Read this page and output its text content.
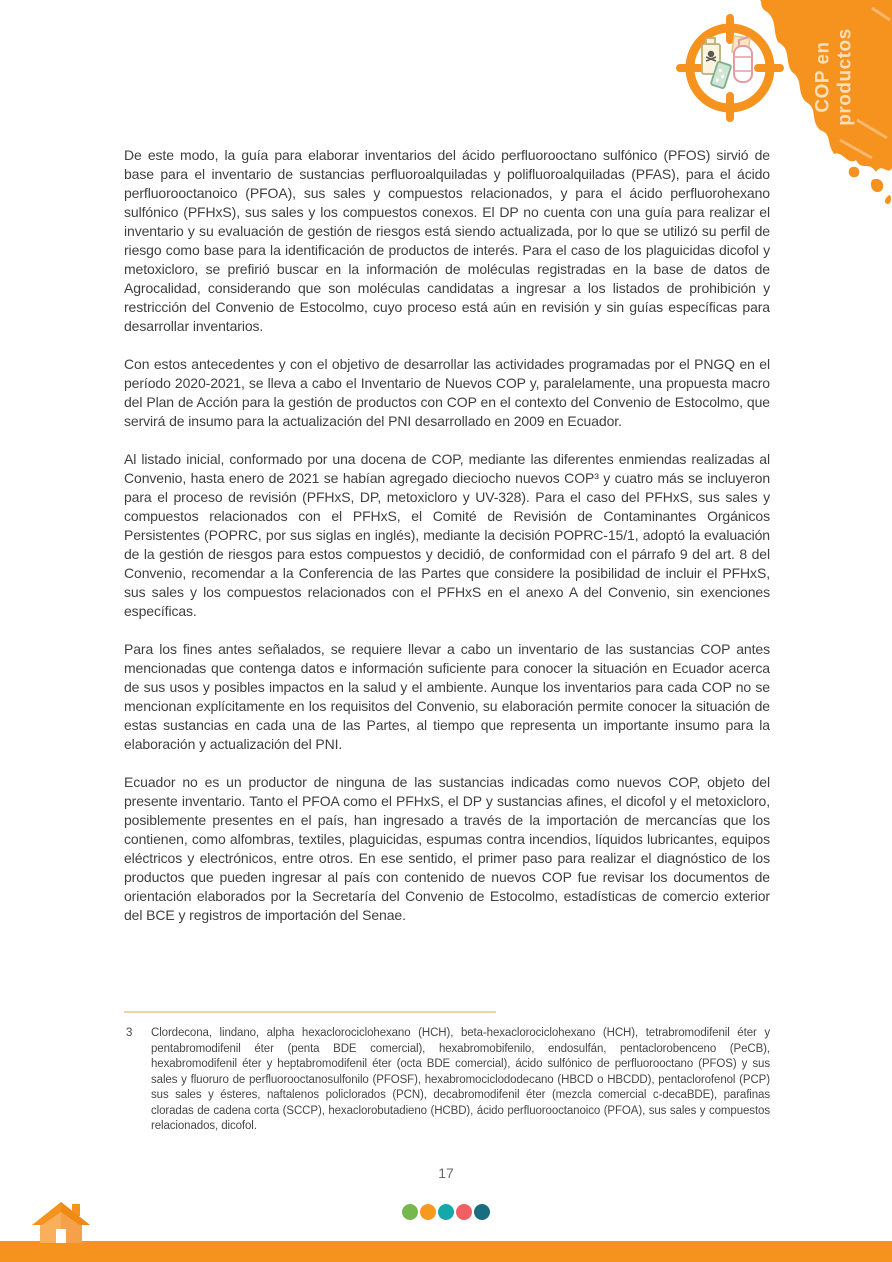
COP en productos

De este modo, la guía para elaborar inventarios del ácido perfluorooctano sulfónico (PFOS) sirvió de base para el inventario de sustancias perfluoroalquiladas y polifluoroalquiladas (PFAS), para el ácido perfluorooctanoico (PFOA), sus sales y compuestos relacionados, y para el ácido perfluorohexano sulfónico (PFHxS), sus sales y los compuestos conexos. El DP no cuenta con una guía para realizar el inventario y su evaluación de gestión de riesgos está siendo actualizada, por lo que se utilizó su perfil de riesgo como base para la identificación de productos de interés. Para el caso de los plaguicidas dicofol y metoxicloro, se prefirió buscar en la información de moléculas registradas en la base de datos de Agrocalidad, considerando que son moléculas candidatas a ingresar a los listados de prohibición y restricción del Convenio de Estocolmo, cuyo proceso está aún en revisión y sin guías específicas para desarrollar inventarios.

Con estos antecedentes y con el objetivo de desarrollar las actividades programadas por el PNGQ en el período 2020-2021, se lleva a cabo el Inventario de Nuevos COP y, paralelamente, una propuesta macro del Plan de Acción para la gestión de productos con COP en el contexto del Convenio de Estocolmo, que servirá de insumo para la actualización del PNI desarrollado en 2009 en Ecuador.

Al listado inicial, conformado por una docena de COP, mediante las diferentes enmiendas realizadas al Convenio, hasta enero de 2021 se habían agregado dieciocho nuevos COP³ y cuatro más se incluyeron para el proceso de revisión (PFHxS, DP, metoxicloro y UV-328). Para el caso del PFHxS, sus sales y compuestos relacionados con el PFHxS, el Comité de Revisión de Contaminantes Orgánicos Persistentes (POPRC, por sus siglas en inglés), mediante la decisión POPRC-15/1, adoptó la evaluación de la gestión de riesgos para estos compuestos y decidió, de conformidad con el párrafo 9 del art. 8 del Convenio, recomendar a la Conferencia de las Partes que considere la posibilidad de incluir el PFHxS, sus sales y los compuestos relacionados con el PFHxS en el anexo A del Convenio, sin exenciones específicas.

Para los fines antes señalados, se requiere llevar a cabo un inventario de las sustancias COP antes mencionadas que contenga datos e información suficiente para conocer la situación en Ecuador acerca de sus usos y posibles impactos en la salud y el ambiente. Aunque los inventarios para cada COP no se mencionan explícitamente en los requisitos del Convenio, su elaboración permite conocer la situación de estas sustancias en cada una de las Partes, al tiempo que representa un importante insumo para la elaboración y actualización del PNI.

Ecuador no es un productor de ninguna de las sustancias indicadas como nuevos COP, objeto del presente inventario. Tanto el PFOA como el PFHxS, el DP y sustancias afines, el dicofol y el metoxicloro, posiblemente presentes en el país, han ingresado a través de la importación de mercancías que los contienen, como alfombras, textiles, plaguicidas, espumas contra incendios, líquidos lubricantes, equipos eléctricos y electrónicos, entre otros. En ese sentido, el primer paso para realizar el diagnóstico de los productos que pueden ingresar al país con contenido de nuevos COP fue revisar los documentos de orientación elaborados por la Secretaría del Convenio de Estocolmo, estadísticas de comercio exterior del BCE y registros de importación del Senae.

3 Clordecona, lindano, alpha hexaclorociclohexano (HCH), beta-hexaclorociclohexano (HCH), tetrabromodifenil éter y pentabromodifenil éter (penta BDE comercial), hexabromobifenilo, endosulfán, pentaclorobenceno (PeCB), hexabromodifenil éter y heptabromodifenil éter (octa BDE comercial), ácido sulfónico de perfluorooctano (PFOS) y sus sales y fluoruro de perfluorooctanosulfonilo (PFOSF), hexabromociclododecano (HBCD o HBCDD), pentaclorofenol (PCP) sus sales y ésteres, naftalenos policlorados (PCN), decabromodifenil éter (mezcla comercial c-decaBDE), parafinas cloradas de cadena corta (SCCP), hexaclorobutadieno (HCBD), ácido perfluorooctanoico (PFOA), sus sales y compuestos relacionados, dicofol.
17
